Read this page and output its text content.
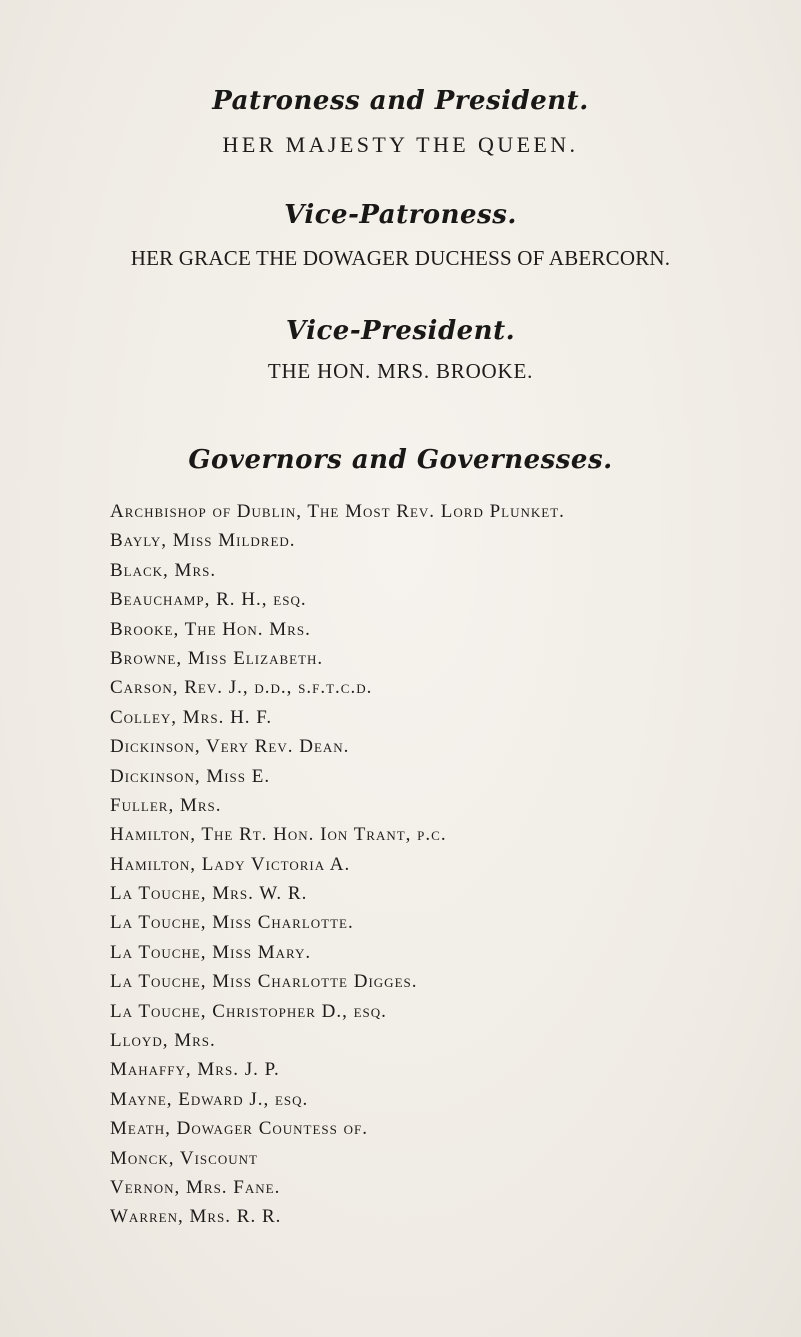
Patroness and President.
HER MAJESTY THE QUEEN.
Vice-Patroness.
HER GRACE THE DOWAGER DUCHESS OF ABERCORN.
Vice-President.
THE HON. MRS. BROOKE.
Governors and Governesses.
Archbishop of Dublin, The Most Rev. Lord Plunket.
Bayly, Miss Mildred.
Black, Mrs.
Beauchamp, R. H., esq.
Brooke, The Hon. Mrs.
Browne, Miss Elizabeth.
Carson, Rev. J., d.d., s.f.t.c.d.
Colley, Mrs. H. F.
Dickinson, Very Rev. Dean.
Dickinson, Miss E.
Fuller, Mrs.
Hamilton, The Rt. Hon. Ion Trant, p.c.
Hamilton, Lady Victoria A.
La Touche, Mrs. W. R.
La Touche, Miss Charlotte.
La Touche, Miss Mary.
La Touche, Miss Charlotte Digges.
La Touche, Christopher D., esq.
Lloyd, Mrs.
Mahaffy, Mrs. J. P.
Mayne, Edward J., esq.
Meath, Dowager Countess of.
Monck, Viscount
Vernon, Mrs. Fane.
Warren, Mrs. R. R.
